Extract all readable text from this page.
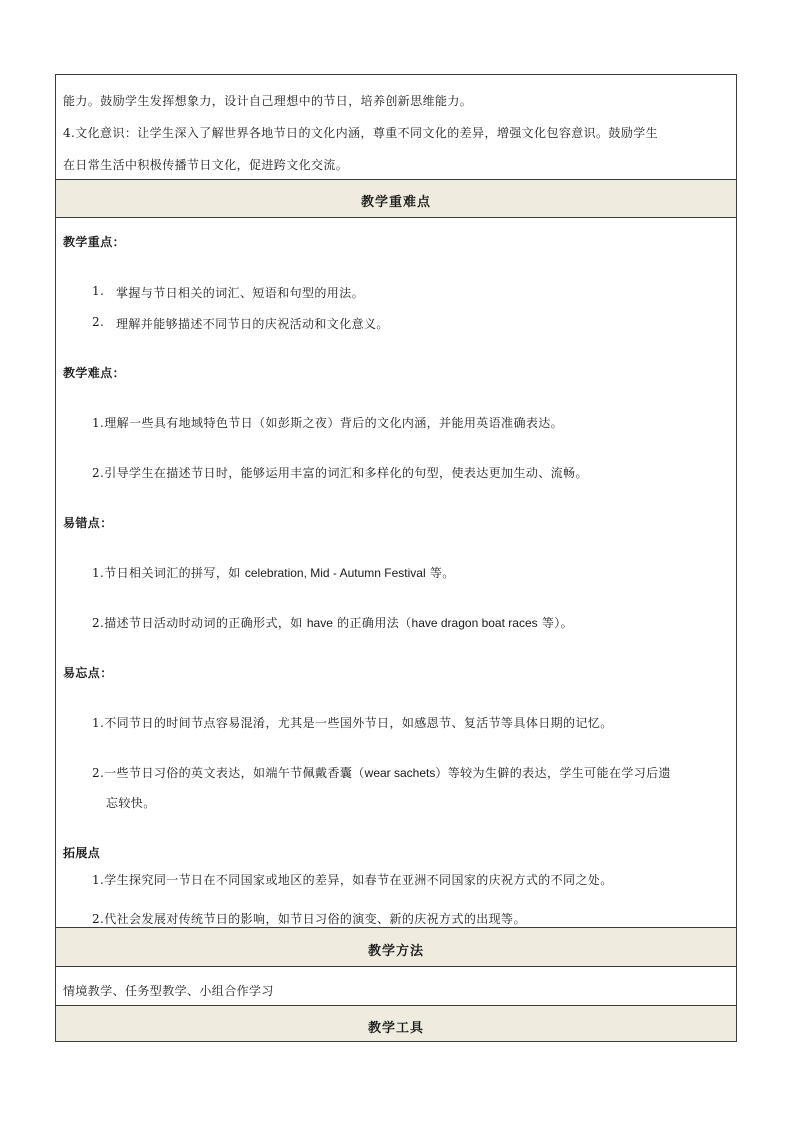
能力。鼓励学生发挥想象力，设计自己理想中的节日，培养创新思维能力。
4.文化意识：让学生深入了解世界各地节日的文化内涵，尊重不同文化的差异，增强文化包容意识。鼓励学生
在日常生活中积极传播节日文化，促进跨文化交流。
教学重难点
教学重点：
1. 掌握与节日相关的词汇、短语和句型的用法。
2. 理解并能够描述不同节日的庆祝活动和文化意义。
教学难点：
1.理解一些具有地域特色节日（如彭斯之夜）背后的文化内涵，并能用英语准确表达。
2.引导学生在描述节日时，能够运用丰富的词汇和多样化的句型，使表达更加生动、流畅。
易错点：
1.节日相关词汇的拼写，如 celebration, Mid - Autumn Festival 等。
2.描述节日活动时动词的正确形式，如 have 的正确用法（have dragon boat races 等）。
易忘点：
1.不同节日的时间节点容易混淆，尤其是一些国外节日，如感恩节、复活节等具体日期的记忆。
2.一些节日习俗的英文表达，如端午节佩戴香囊（wear sachets）等较为生僻的表达，学生可能在学习后遗
忘较快。
拓展点
1.学生探究同一节日在不同国家或地区的差异，如春节在亚洲不同国家的庆祝方式的不同之处。
2.代社会发展对传统节日的影响，如节日习俗的演变、新的庆祝方式的出现等。
教学方法
情境教学、任务型教学、小组合作学习
教学工具
